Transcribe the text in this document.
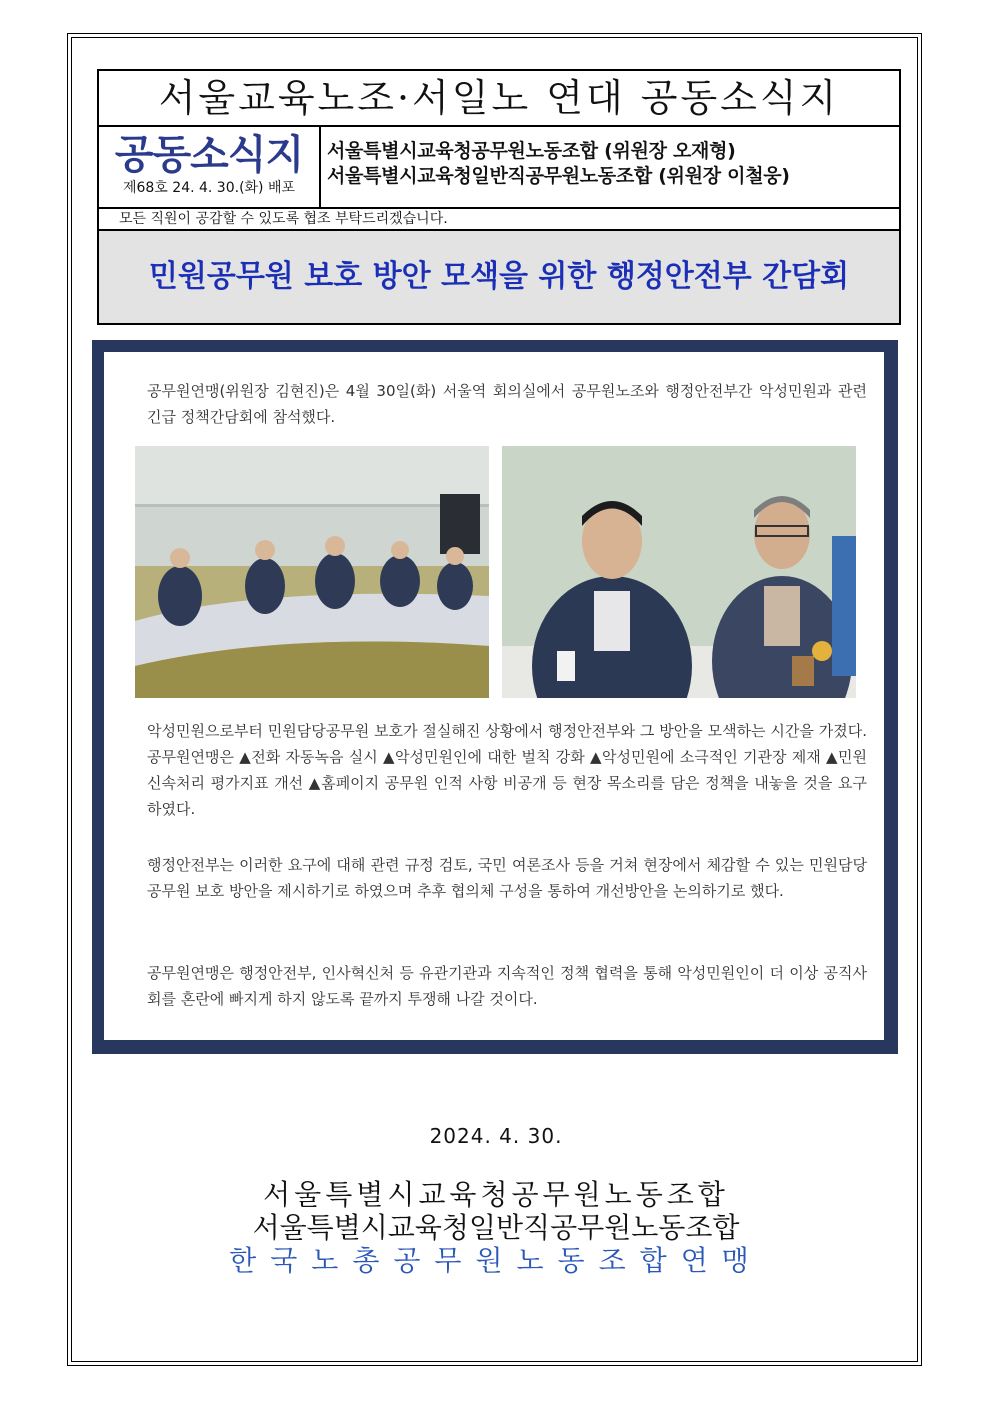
서울교육노조·서일노 연대 공동소식지
공동소식지
제68호 24. 4. 30.(화) 배포
서울특별시교육청공무원노동조합 (위원장 오재형)
서울특별시교육청일반직공무원노동조합 (위원장 이철웅)
모든 직원이 공감할 수 있도록 협조 부탁드리겠습니다.
민원공무원 보호 방안 모색을 위한 행정안전부 간담회

공무원연맹(위원장 김현진)은 4월 30일(화) 서울역 회의실에서 공무원노조와 행정안전부간 악성민원과 관련 긴급 정책간담회에 참석했다.

악성민원으로부터 민원담당공무원 보호가 절실해진 상황에서 행정안전부와 그 방안을 모색하는 시간을 가졌다. 공무원연맹은 ▲전화 자동녹음 실시 ▲악성민원인에 대한 벌칙 강화 ▲악성민원에 소극적인 기관장 제재 ▲민원신속처리 평가지표 개선 ▲홈페이지 공무원 인적 사항 비공개 등 현장 목소리를 담은 정책을 내놓을 것을 요구하였다.

행정안전부는 이러한 요구에 대해 관련 규정 검토, 국민 여론조사 등을 거쳐 현장에서 체감할 수 있는 민원담당공무원 보호 방안을 제시하기로 하였으며 추후 협의체 구성을 통하여 개선방안을 논의하기로 했다.

공무원연맹은 행정안전부, 인사혁신처 등 유관기관과 지속적인 정책 협력을 통해 악성민원인이 더 이상 공직사회를 혼란에 빠지게 하지 않도록 끝까지 투쟁해 나갈 것이다.

2024. 4. 30.
서울특별시교육청공무원노동조합
서울특별시교육청일반직공무원노동조합
한국노총공무원노동조합연맹
